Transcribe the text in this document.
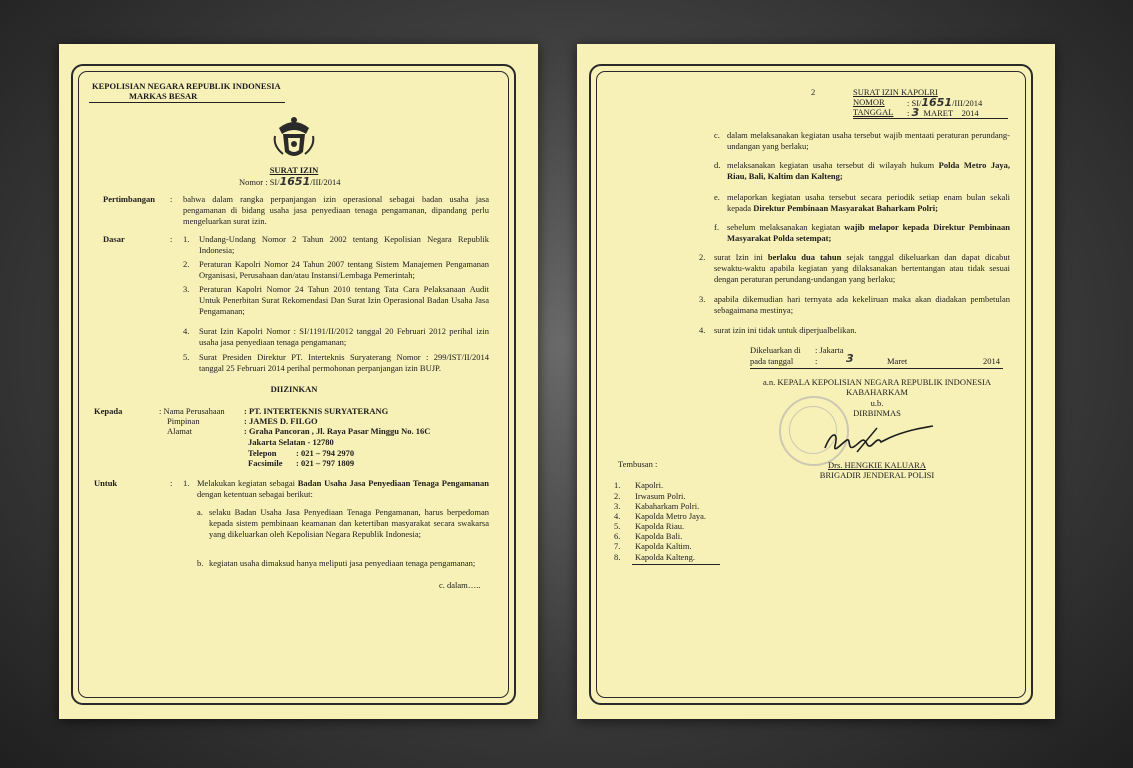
KEPOLISIAN NEGARA REPUBLIK INDONESIA
MARKAS BESAR
SURAT IZIN
Nomor : SI/1651/III/2014
Pertimbangan : bahwa dalam rangka perpanjangan izin operasional sebagai badan usaha jasa pengamanan di bidang usaha jasa penyediaan tenaga pengamanan, dipandang perlu mengeluarkan surat izin.
Dasar	: 1. Undang-Undang Nomor 2 Tahun 2002 tentang Kepolisian Negara Republik Indonesia;
2. Peraturan Kapolri Nomor 24 Tahun 2007 tentang Sistem Manajemen Pengamanan Organisasi, Perusahaan dan/atau Instansi/Lembaga Pemerintah;
3. Peraturan Kapolri Nomor 24 Tahun 2010 tentang Tata Cara Pelaksanaan Audit Untuk Penerbitan Surat Rekomendasi Dan Surat Izin Operasional Badan Usaha Jasa Pengamanan;
4. Surat Izin Kapolri Nomor : SI/1191/II/2012 tanggal 20 Februari 2012 perihal izin usaha jasa penyediaan tenaga pengamanan;
5. Surat Presiden Direktur PT. Interteknis Suryaterang Nomor : 299/IST/II/2014 tanggal 25 Februari 2014 perihal permohonan perpanjangan izin BUJP.
DIIZINKAN
Kepada	: Nama Perusahaan : PT. INTERTEKNIS SURYATERANG
Pimpinan	: JAMES D. FILGO
Alamat	: Graha Pancoran , Jl. Raya Pasar Minggu No. 16C
Jakarta Selatan - 12780
Telepon : 021 – 794 2970
Facsimile : 021 – 797 1809
Untuk	: 1. Melakukan kegiatan sebagai Badan Usaha Jasa Penyediaan Tenaga Pengamanan dengan ketentuan sebagai berikut:
a. selaku Badan Usaha Jasa Penyediaan Tenaga Pengamanan, harus berpedoman kepada sistem pembinaan keamanan dan ketertiban masyarakat secara swakarsa yang dikeluarkan oleh Kepolisian Negara Republik Indonesia;
b. kegiatan usaha dimaksud hanya meliputi jasa penyediaan tenaga pengamanan;
c. dalam…..
2	SURAT IZIN KAPOLRI
NOMOR	: SI/1651/III/2014
TANGGAL : 3 MARET 2014
c. dalam melaksanakan kegiatan usaha tersebut wajib mentaati peraturan perundang-undangan yang berlaku;
d. melaksanakan kegiatan usaha tersebut di wilayah hukum Polda Metro Jaya, Riau, Bali, Kaltim dan Kalteng;
e. melaporkan kegiatan usaha tersebut secara periodik setiap enam bulan sekali kepada Direktur Pembinaan Masyarakat Baharkam Polri;
f. sebelum melaksanakan kegiatan wajib melapor kepada Direktur Pembinaan Masyarakat Polda setempat;
2. surat Izin ini berlaku dua tahun sejak tanggal dikeluarkan dan dapat dicabut sewaktu-waktu apabila kegiatan yang dilaksanakan bertentangan atau tidak sesuai dengan peraturan perundang-undangan yang berlaku;
3. apabila dikemudian hari ternyata ada kekeliruan maka akan diadakan pembetulan sebagaimana mestinya;
4. surat izin ini tidak untuk diperjualbelikan.
Dikeluarkan di : Jakarta
pada tanggal	:	3	Maret	2014
a.n. KEPALA KEPOLISIAN NEGARA REPUBLIK INDONESIA
KABAHARKAM
u.b.
DIRBINMAS
Drs. HENGKIE KALUARA
BRIGADIR JENDERAL POLISI
Tembusan :
1. Kapolri.
2. Irwasum Polri.
3. Kabaharkam Polri.
4. Kapolda Metro Jaya.
5. Kapolda Riau.
6. Kapolda Bali.
7. Kapolda Kaltim.
8. Kapolda Kalteng.
